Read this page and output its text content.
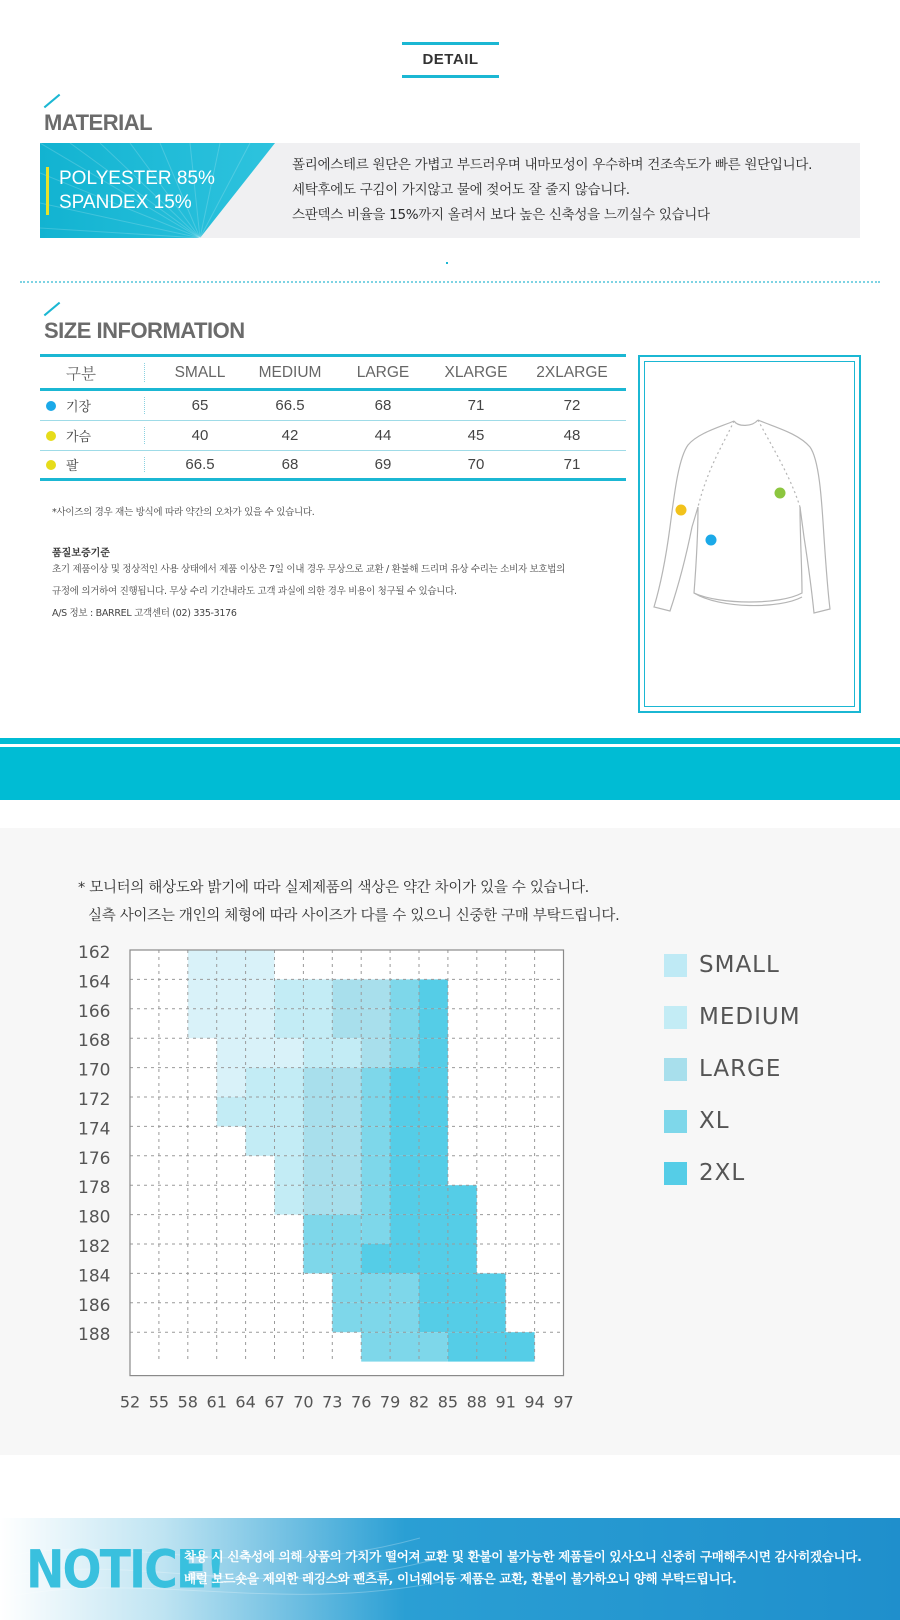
DETAIL
MATERIAL
POLYESTER 85%
SPANDEX 15%
폴리에스테르 원단은 가볍고 부드러우며 내마모성이 우수하며 건조속도가 빠른 원단입니다.
세탁후에도 구김이 가지않고 물에 젖어도 잘 줄지 않습니다.
스판덱스 비율을 15%까지 올려서 보다 높은 신축성을 느끼실수 있습니다
SIZE INFORMATION
구분	SMALL	MEDIUM	LARGE	XLARGE	2XLARGE
기장	65	66.5	68	71	72
가슴	40	42	44	45	48
팔	66.5	68	69	70	71
*사이즈의 경우 재는 방식에 따라 약간의 오차가 있을 수 있습니다.
품질보증기준
초기 제품이상 및 정상적인 사용 상태에서 제품 이상은 7일 이내 경우 무상으로 교환 / 환불해 드리며 유상 수리는 소비자 보호법의
규정에 의거하여 진행됩니다. 무상 수리 기간내라도 고객 과실에 의한 경우 비용이 청구될 수 있습니다.
A/S 정보 : BARREL 고객센터 (02) 335-3176
* 모니터의 해상도와 밝기에 따라 실제제품의 색상은 약간 차이가 있을 수 있습니다.
실측 사이즈는 개인의 체형에 따라 사이즈가 다를 수 있으니 신중한 구매 부탁드립니다.
162
164
166
168
170
172
174
176
178
180
182
184
186
188
52 55 58 61 64 67 70 73 76 79 82 85 88 91 94 97
SMALL
MEDIUM
LARGE
XL
2XL
NOTICE!
착용 시 신축성에 의해 상품의 가치가 떨어져 교환 및 환불이 불가능한 제품들이 있사오니 신중히 구매해주시면 감사히겠습니다.
배럴 보드숏을 제외한 레깅스와 팬츠류, 이너웨어등 제품은 교환, 환불이 불가하오니 양해 부탁드립니다.
